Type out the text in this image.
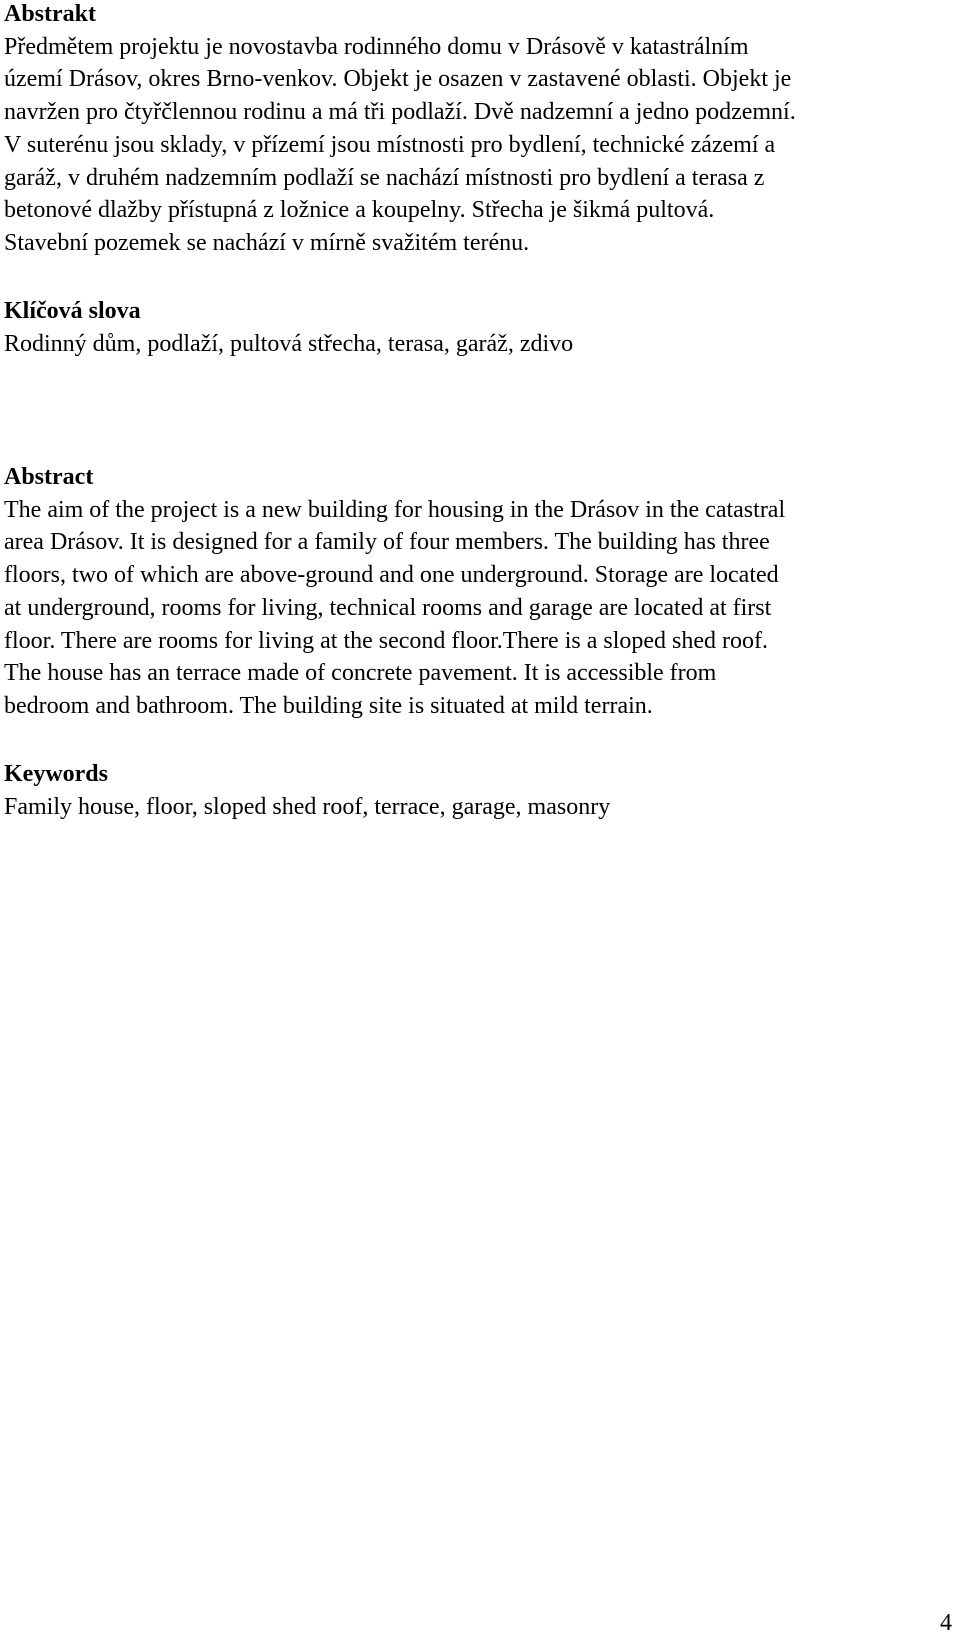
Abstrakt

Předmětem projektu je novostavba rodinného domu v Drásově v katastrálním
území Drásov, okres Brno-venkov. Objekt je osazen v zastavené oblasti. Objekt je
navržen pro čtyřčlennou rodinu a má tři podlaží. Dvě nadzemní a jedno podzemní.
V suterénu jsou sklady, v přízemí jsou místnosti pro bydlení, technické zázemí a
garáž, v druhém nadzemním podlaží se nachází místnosti pro bydlení a terasa z
betonové dlažby přístupná z ložnice a koupelny. Střecha je šikmá pultová.
Stavební pozemek se nachází v mírně svažitém terénu.

Klíčová slova

Rodinný dům, podlaží, pultová střecha, terasa, garáž, zdivo

Abstract

The aim of the project is a new building for housing in the Drásov in the catastral
area Drásov. It is designed for a family of four members. The building has three
floors, two of which are above-ground and one underground. Storage are located
at underground, rooms for living, technical rooms and garage are located at first
floor. There are rooms for living at the second floor.There is a sloped shed roof.
The house has an terrace made of concrete pavement. It is accessible from
bedroom and bathroom. The building site is situated at mild terrain.

Keywords

Family house, floor, sloped shed roof, terrace, garage, masonry

4
